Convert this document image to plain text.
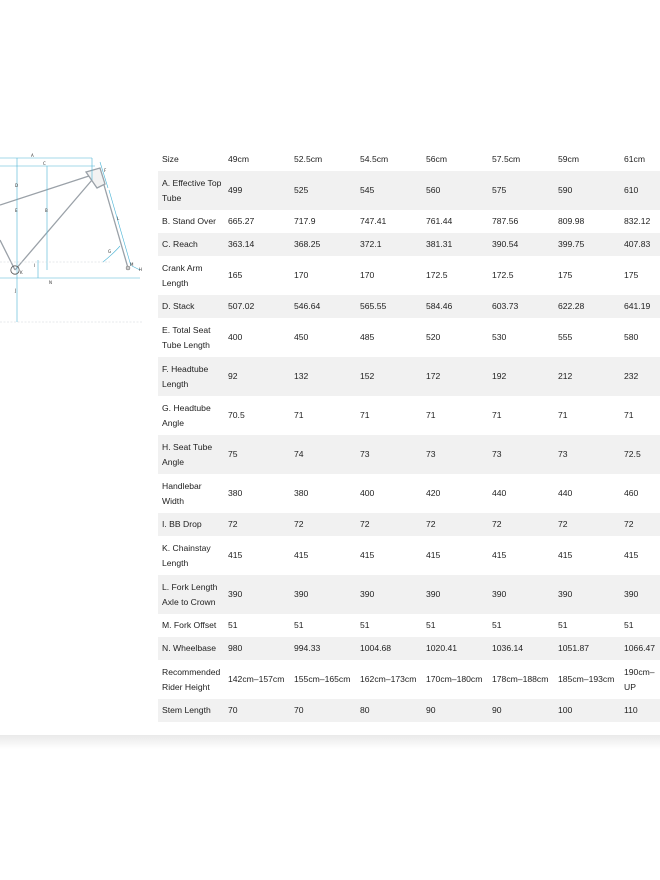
A
C
B
D
E
F
G
H
I
J
K
L
M
N
Size	49cm	52.5cm	54.5cm	56cm	57.5cm	59cm	61cm
A. Effective Top Tube	499	525	545	560	575	590	610
B. Stand Over	665.27	717.9	747.41	761.44	787.56	809.98	832.12
C. Reach	363.14	368.25	372.1	381.31	390.54	399.75	407.83
Crank Arm Length	165	170	170	172.5	172.5	175	175
D. Stack	507.02	546.64	565.55	584.46	603.73	622.28	641.19
E. Total Seat Tube Length	400	450	485	520	530	555	580
F. Headtube Length	92	132	152	172	192	212	232
G. Headtube Angle	70.5	71	71	71	71	71	71
H. Seat Tube Angle	75	74	73	73	73	73	72.5
Handlebar Width	380	380	400	420	440	440	460
I. BB Drop	72	72	72	72	72	72	72
K. Chainstay Length	415	415	415	415	415	415	415
L. Fork Length Axle to Crown	390	390	390	390	390	390	390
M. Fork Offset	51	51	51	51	51	51	51
N. Wheelbase	980	994.33	1004.68	1020.41	1036.14	1051.87	1066.47
Recommended Rider Height	142cm–157cm	155cm–165cm	162cm–173cm	170cm–180cm	178cm–188cm	185cm–193cm	190cm–UP
Stem Length	70	70	80	90	90	100	110
